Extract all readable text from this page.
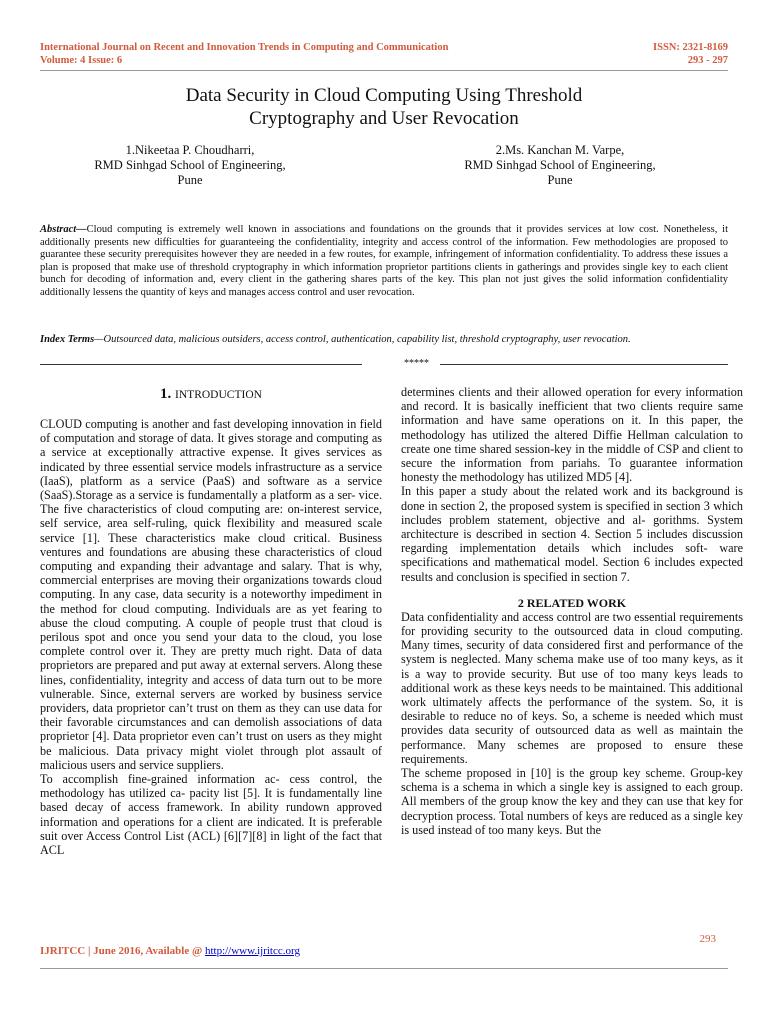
International Journal on Recent and Innovation Trends in Computing and Communication
Volume: 4 Issue: 6
ISSN: 2321-8169
293 - 297
Data Security in Cloud Computing Using Threshold
Cryptography and User Revocation
1.Nikeetaa P. Choudharri,
RMD Sinhgad School of Engineering,
Pune
2.Ms. Kanchan M. Varpe,
RMD Sinhgad School of Engineering,
Pune
Abstract—Cloud computing is extremely well known in associations and foundations on the grounds that it provides services at low cost. Nonetheless, it additionally presents new difficulties for guaranteeing the confidentiality, integrity and access control of the information. Few methodologies are proposed to guarantee these security prerequisites however they are needed in a few routes, for example, infringement of information confidentiality. To address these issues a plan is proposed that make use of threshold cryptography in which information proprietor partitions clients in gatherings and provides single key to each client bunch for decoding of information and, every client in the gathering shares parts of the key. This plan not just gives the solid information confidentiality additionally lessens the quantity of keys and manages access control and user revocation.
Index Terms—Outsourced data, malicious outsiders, access control, authentication, capability list, threshold cryptography, user revocation.
*****
1. INTRODUCTION

CLOUD computing is another and fast developing innovation in field of computation and storage of data. It gives storage and computing as a service at exceptionally attractive expense. It gives services as indicated by three essential service models infrastructure as a service (IaaS), platform as a service (PaaS) and software as a service (SaaS).Storage as a service is fundamentally a platform as a ser- vice. The five characteristics of cloud computing are: on-interest service, self service, area self-ruling, quick flexibility and measured scale service [1]. These characteristics make cloud critical. Business ventures and foundations are abusing these characteristics of cloud computing and expanding their advantage and salary. That is why, commercial enterprises are moving their organizations towards cloud computing. In any case, data security is a noteworthy impediment in the method for cloud computing. Individuals are as yet fearing to abuse the cloud computing. A couple of people trust that cloud is perilous spot and once you send your data to the cloud, you lose complete control over it. They are pretty much right. Data of data proprietors are prepared and put away at external servers. Along these lines, confidentiality, integrity and access of data turn out to be more vulnerable. Since, external servers are worked by business service providers, data proprietor can’t trust on them as they can use data for their favorable circumstances and can demolish associations of data proprietor [4]. Data proprietor even can’t trust on users as they might be malicious. Data privacy might violet through plot assault of malicious users and service suppliers.

To accomplish fine-grained information ac- cess control, the methodology has utilized ca- pacity list [5]. It is fundamentally line based decay of access framework. In ability rundown approved information and operations for a client are indicated. It is preferable suit over Access Control List (ACL) [6][7][8] in light of the fact that ACL

determines clients and their allowed operation for every information and record. It is basically inefficient that two clients require same information and have same operations on it. In this paper, the methodology has utilized the altered Diffie Hellman calculation to create one time shared session-key in the middle of CSP and client to secure the information from pariahs. To guarantee information honesty the methodology has utilized MD5 [4].

In this paper a study about the related work and its background is done in section 2, the proposed system is specified in section 3 which includes problem statement, objective and al- gorithms. System architecture is described in section 4. Section 5 includes discussion regarding implementation details which includes soft- ware specifications and mathematical model. Section 6 includes expected results and conclusion is specified in section 7.

2 RELATED WORK

Data confidentiality and access control are two essential requirements for providing security to the outsourced data in cloud computing. Many times, security of data considered first and performance of the system is neglected. Many schema make use of too many keys, as it is a way to provide security. But use of too many keys leads to additional work as these keys needs to be maintained. This additional work ultimately affects the performance of the system. So, it is desirable to reduce no of keys. So, a scheme is needed which must provides data security of outsourced data as well as maintain the performance. Many schemes are proposed to ensure these requirements.

The scheme proposed in [10] is the group key scheme. Group-key schema is a schema in which a single key is assigned to each group. All members of the group know the key and they can use that key for decryption process. Total numbers of keys are reduced as a single key is used instead of too many keys. But the

293
IJRITCC | June 2016, Available @ http://www.ijritcc.org
